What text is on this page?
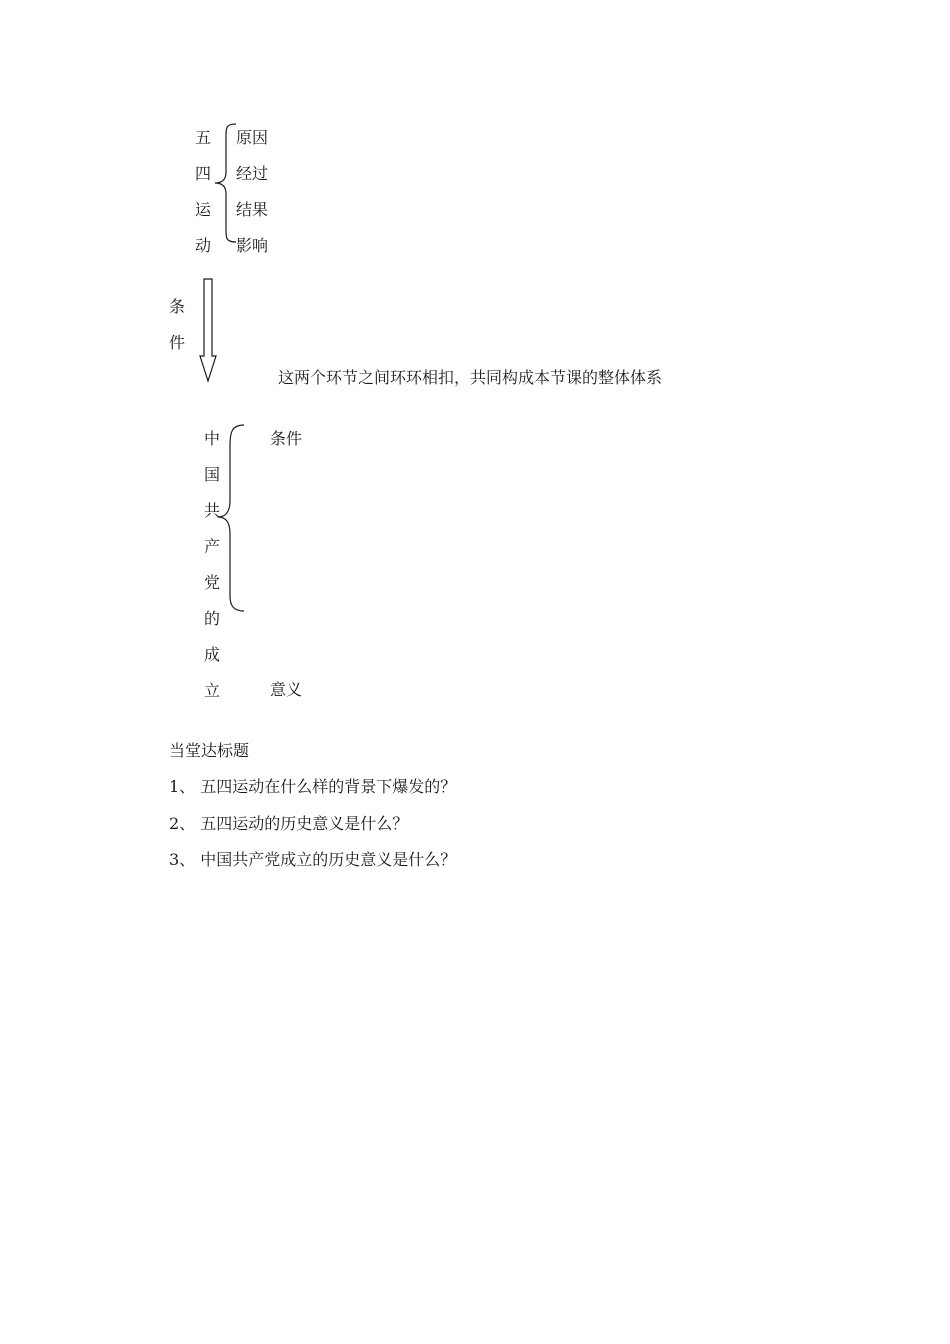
五
四
运
动
原因
经过
结果
影响
条
件
这两个环节之间环环相扣，共同构成本节课的整体体系
中
国
共
产
党
的
成
立
条件
意义
当堂达标题
1、 五四运动在什么样的背景下爆发的？
2、 五四运动的历史意义是什么？
3、 中国共产党成立的历史意义是什么？
